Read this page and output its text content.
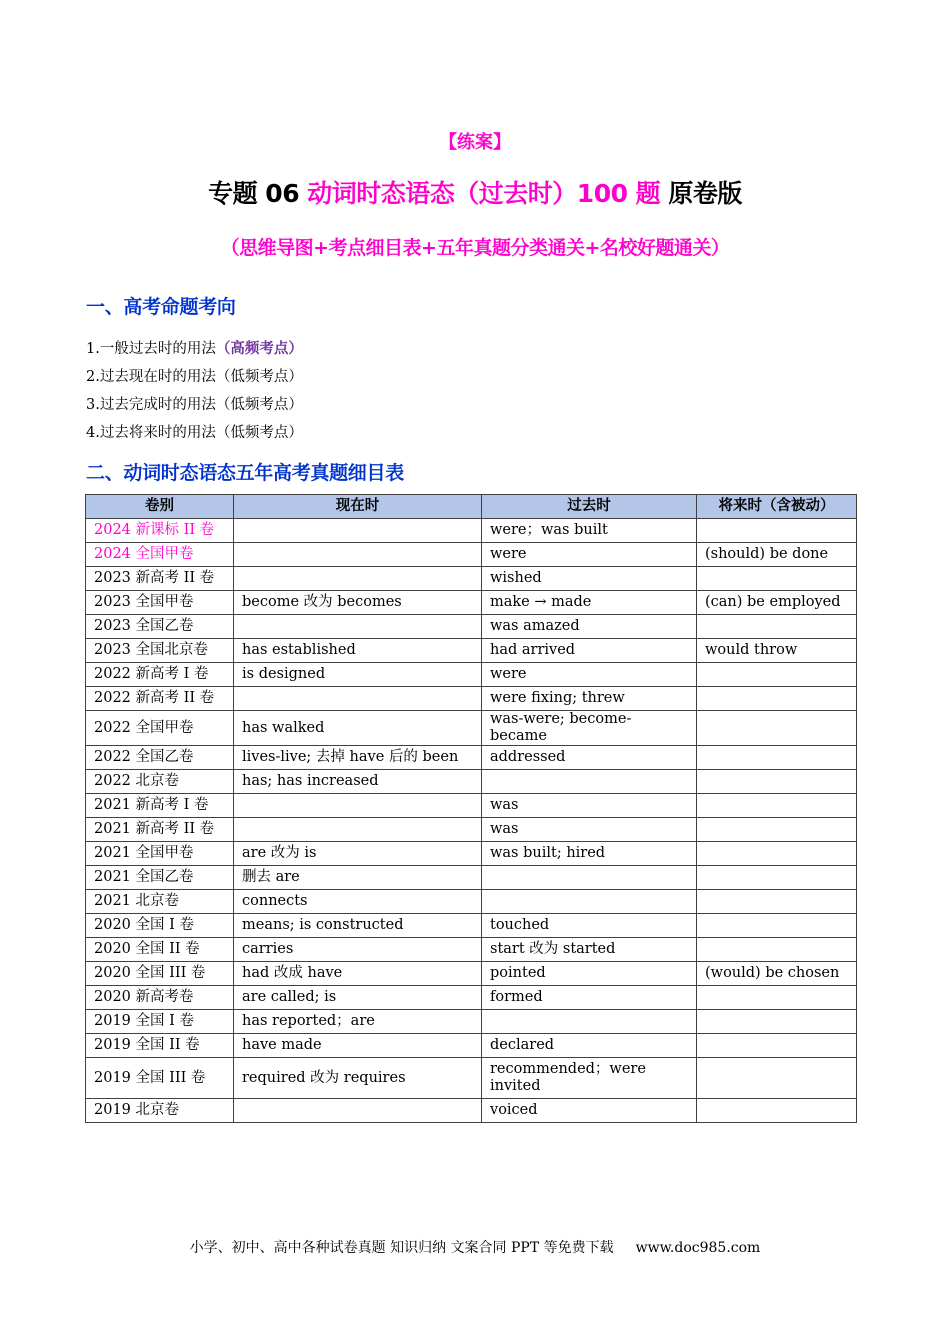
【练案】
专题 06 动词时态语态（过去时）100 题 原卷版
（思维导图+考点细目表+五年真题分类通关+名校好题通关）
一、高考命题考向
1.一般过去时的用法（高频考点）
2.过去现在时的用法（低频考点）
3.过去完成时的用法（低频考点）
4.过去将来时的用法（低频考点）
二、动词时态语态五年高考真题细目表
卷别	现在时	过去时	将来时（含被动）
2024 新课标 II 卷		were；was built	
2024 全国甲卷		were	(should) be done
2023 新高考 II 卷		wished	
2023 全国甲卷	become 改为 becomes	make → made	(can) be employed
2023 全国乙卷		was amazed	
2023 全国北京卷	has established	had arrived	would throw
2022 新高考 I 卷	is designed	were	
2022 新高考 II 卷		were fixing; threw	
2022 全国甲卷	has walked	was-were; become-became	
2022 全国乙卷	lives-live; 去掉 have 后的 been	addressed	
2022 北京卷	has; has increased		
2021 新高考 I 卷		was	
2021 新高考 II 卷		was	
2021 全国甲卷	are 改为 is	was built; hired	
2021 全国乙卷	删去 are		
2021 北京卷	connects		
2020 全国 I 卷	means; is constructed	touched	
2020 全国 II 卷	carries	start 改为 started	
2020 全国 III 卷	had 改成 have	pointed	(would) be chosen
2020 新高考卷	are called; is	formed	
2019 全国 I 卷	has reported；are		
2019 全国 II 卷	have made	declared	
2019 全国 III 卷	required 改为 requires	recommended；were invited	
2019 北京卷		voiced	
小学、初中、高中各种试卷真题 知识归纳 文案合同 PPT 等免费下载 www.doc985.com
